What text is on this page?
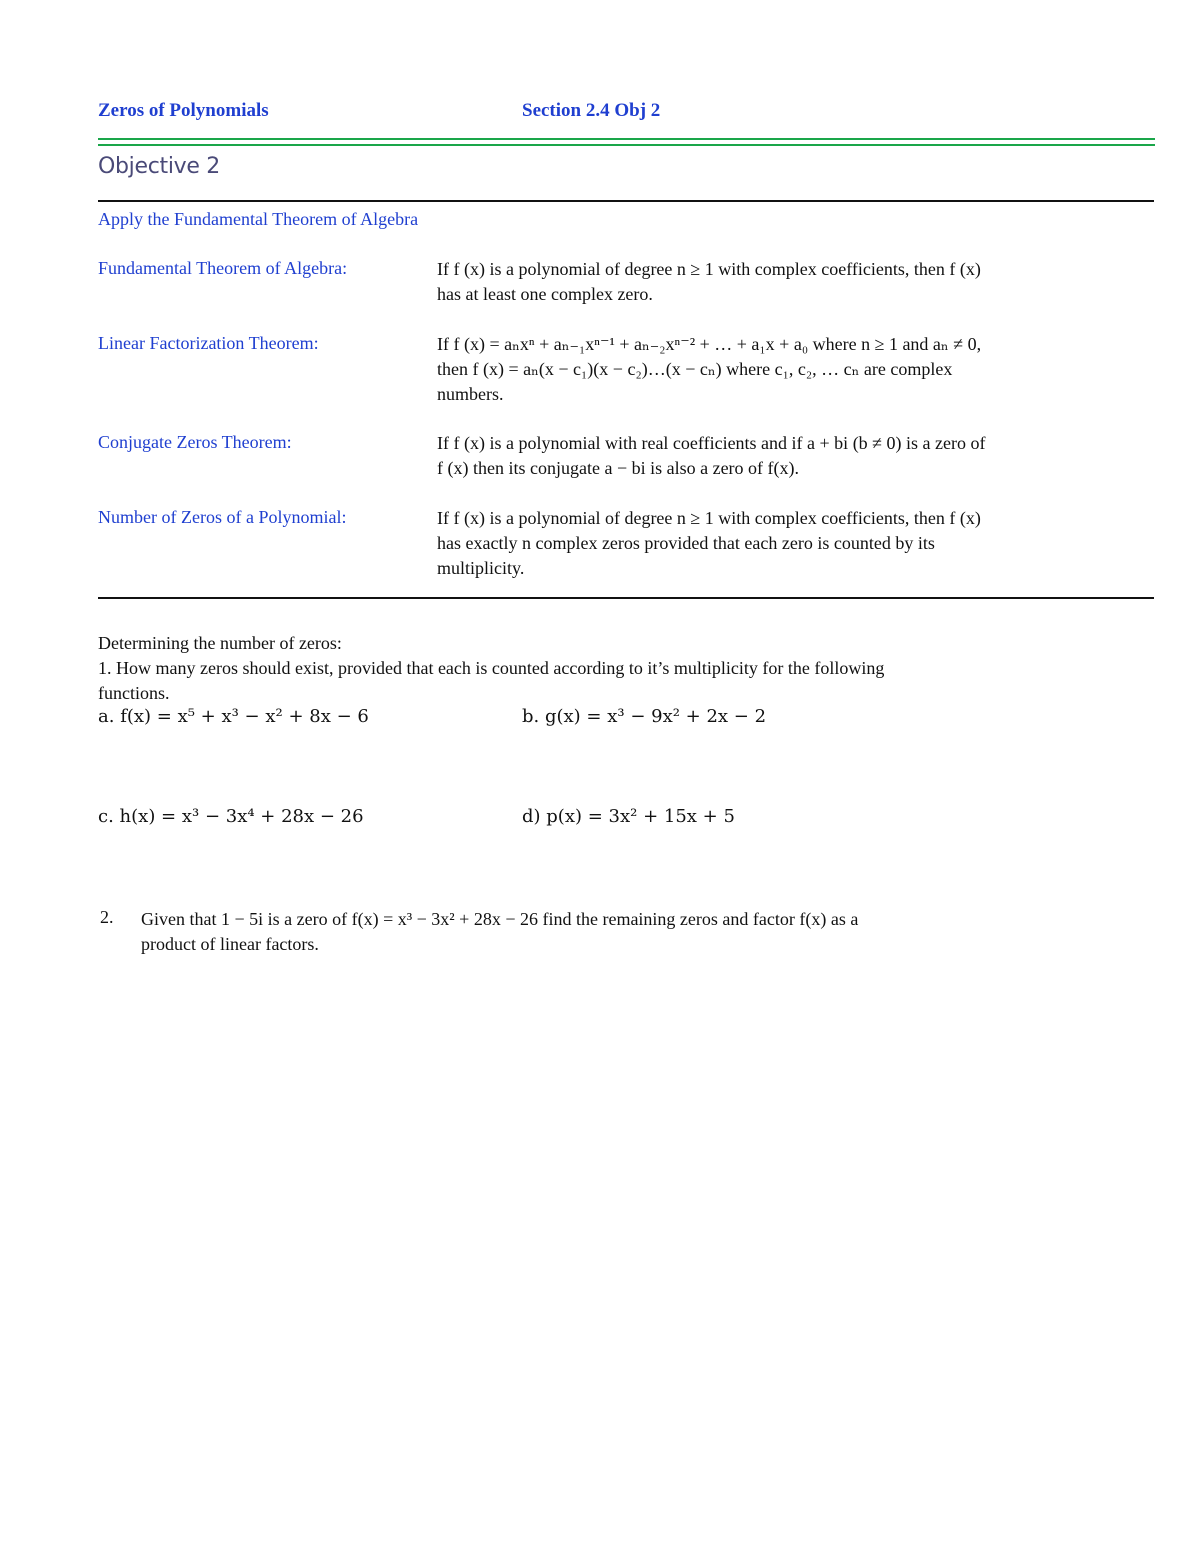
Zeros of Polynomials	Section 2.4 Obj 2
Objective 2
Apply the Fundamental Theorem of Algebra
Fundamental Theorem of Algebra:	If f (x) is a polynomial of degree n ≥ 1 with complex coefficients, then f (x)
has at least one complex zero.
Linear Factorization Theorem:	If f (x) = aₙxⁿ + aₙ₋₁xⁿ⁻¹ + aₙ₋₂xⁿ⁻² + … + a₁x + a₀ where n ≥ 1 and aₙ ≠ 0,
then f (x) = aₙ(x − c₁)(x − c₂)…(x − cₙ) where c₁, c₂, … cₙ are complex
numbers.
Conjugate Zeros Theorem:	If f (x) is a polynomial with real coefficients and if a + bi (b ≠ 0) is a zero of
f (x) then its conjugate a − bi is also a zero of f(x).
Number of Zeros of a Polynomial:	If f (x) is a polynomial of degree n ≥ 1 with complex coefficients, then f (x)
has exactly n complex zeros provided that each zero is counted by its
multiplicity.
Determining the number of zeros:
1. How many zeros should exist, provided that each is counted according to it’s multiplicity for the following
functions.
a. f(x) = x⁵ + x³ − x² + 8x − 6	b. g(x) = x³ − 9x² + 2x − 2
c. h(x) = x³ − 3x⁴ + 28x − 26	d) p(x) = 3x² + 15x + 5
2. Given that 1 − 5i is a zero of f(x) = x³ − 3x² + 28x − 26 find the remaining zeros and factor f(x) as a
product of linear factors.
